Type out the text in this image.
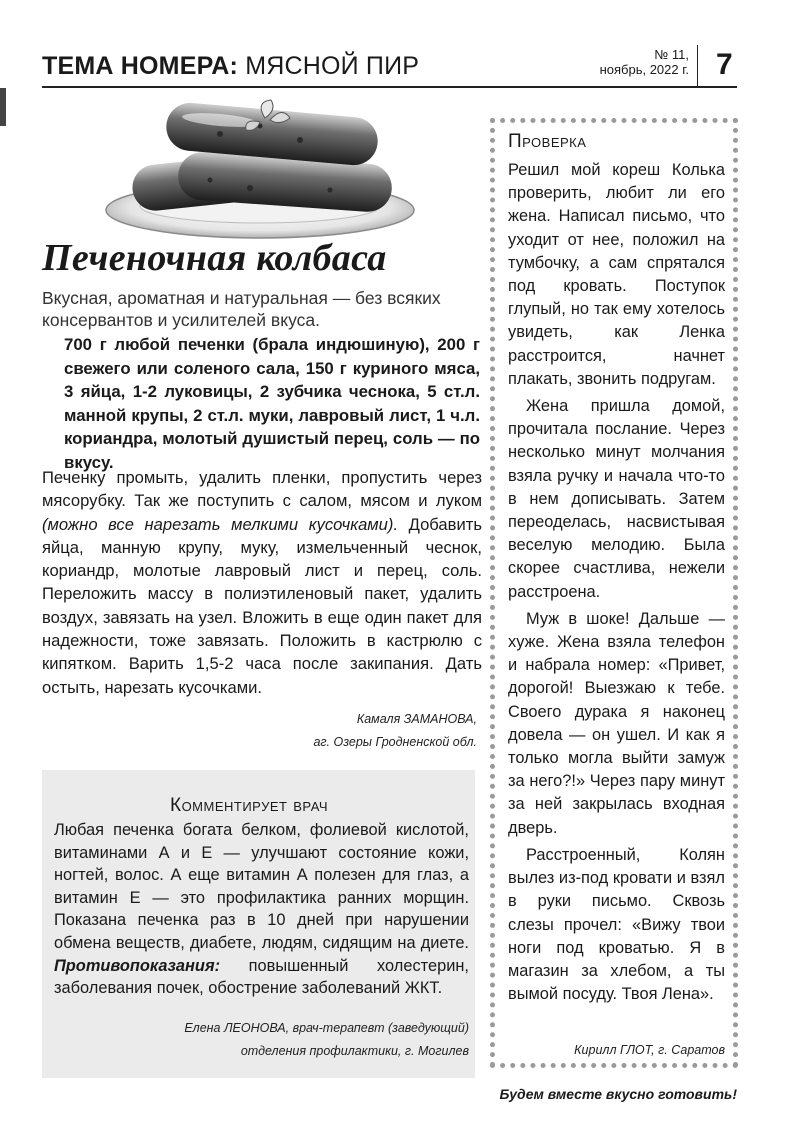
ТЕМА НОМЕРА: МЯСНОЙ ПИР	№ 11,
ноябрь, 2022 г. 7
Печеночная колбаса
Вкусная, ароматная и натуральная — без всяких консервантов и усилителей вкуса.
700 г любой печенки (брала индюшиную), 200 г свежего или соленого сала, 150 г куриного мяса, 3 яйца, 1-2 луковицы, 2 зубчика чеснока, 5 ст.л. манной крупы, 2 ст.л. муки, лавровый лист, 1 ч.л. кориандра, молотый душистый перец, соль — по вкусу.
Печенку промыть, удалить пленки, пропустить через мясорубку. Так же поступить с салом, мясом и луком (можно все нарезать мелкими кусочками). Добавить яйца, манную крупу, муку, измельченный чеснок, кориандр, молотые лавровый лист и перец, соль. Переложить массу в полиэтиленовый пакет, удалить воздух, завязать на узел. Вложить в еще один пакет для надежности, тоже завязать. Положить в кастрюлю с кипятком. Варить 1,5-2 часа после закипания. Дать остыть, нарезать кусочками.
Камаля ЗАМАНОВА,
аг. Озеры Гродненской обл.
Комментирует врач
Любая печенка богата белком, фолиевой кислотой, витаминами А и Е — улучшают состояние кожи, ногтей, волос. А еще витамин А полезен для глаз, а витамин Е — это профилактика ранних морщин. Показана печенка раз в 10 дней при нарушении обмена веществ, диабете, людям, сидящим на диете. Противопоказания: повышенный холестерин, заболевания почек, обострение заболеваний ЖКТ.
Елена ЛЕОНОВА, врач-терапевт (заведующий)
отделения профилактики, г. Могилев
Проверка

Решил мой кореш Колька проверить, любит ли его жена. Написал письмо, что уходит от нее, положил на тумбочку, а сам спрятался под кровать. Поступок глупый, но так ему хотелось увидеть, как Ленка расстроится, начнет плакать, звонить подругам.

Жена пришла домой, прочитала послание. Через несколько минут молчания взяла ручку и начала что-то в нем дописывать. Затем переоделась, насвистывая веселую мелодию. Была скорее счастлива, нежели расстроена.

Муж в шоке! Дальше — хуже. Жена взяла телефон и набрала номер: «Привет, дорогой! Выезжаю к тебе. Своего дурака я наконец довела — он ушел. И как я только могла выйти замуж за него?!» Через пару минут за ней закрылась входная дверь.

Расстроенный, Колян вылез из-под кровати и взял в руки письмо. Сквозь слезы прочел: «Вижу твои ноги под кроватью. Я в магазин за хлебом, а ты вымой посуду. Твоя Лена».

Кирилл ГЛОТ, г. Саратов
Будем вместе вкусно готовить!
